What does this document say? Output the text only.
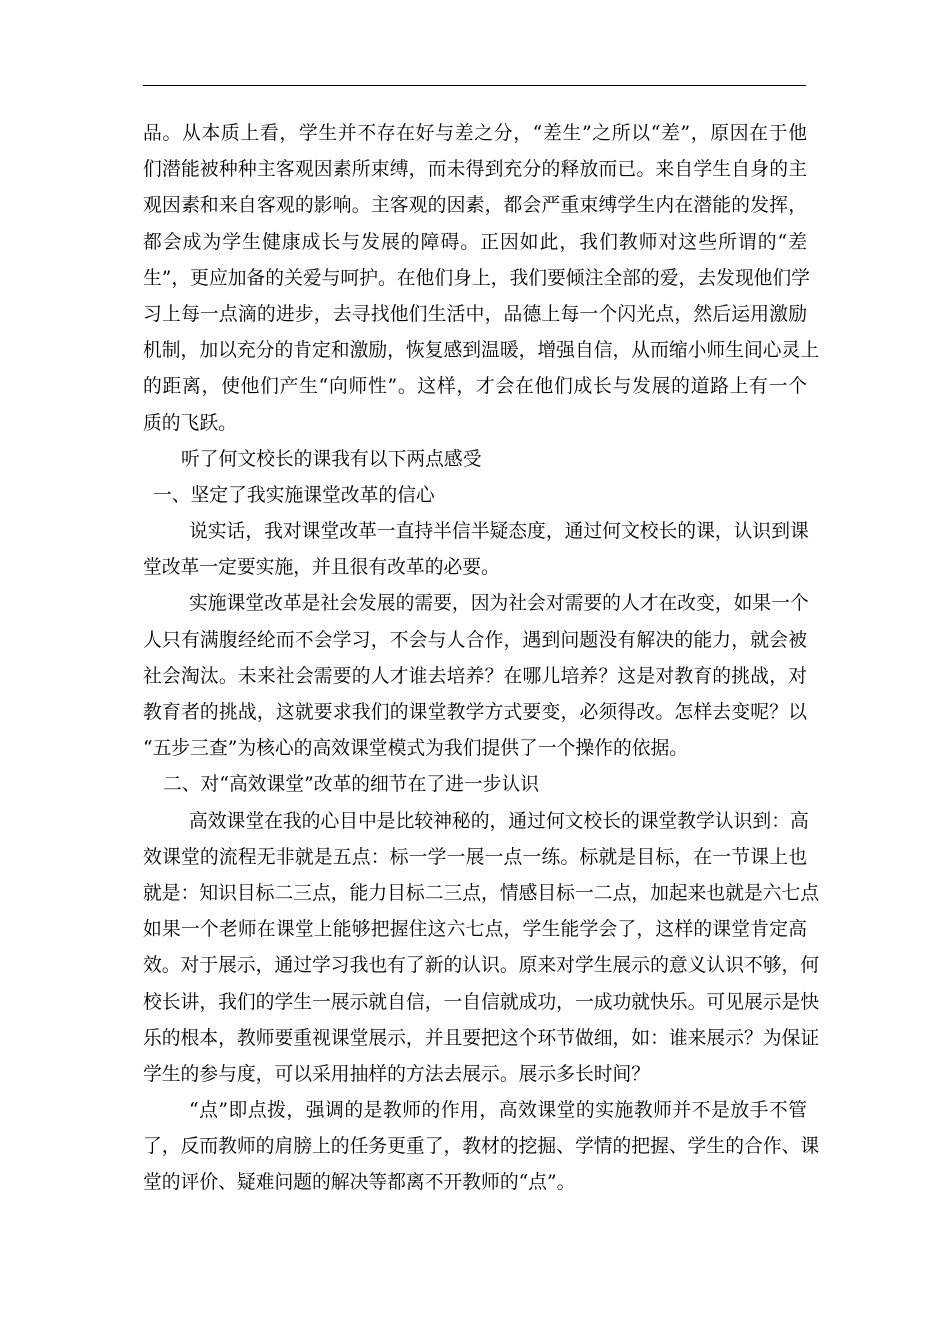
品。从本质上看，学生并不存在好与差之分，“差生”之所以“差”，原因在于他
们潜能被种种主客观因素所束缚，而未得到充分的释放而已。来自学生自身的主
观因素和来自客观的影响。主客观的因素，都会严重束缚学生内在潜能的发挥，
都会成为学生健康成长与发展的障碍。正因如此，我们教师对这些所谓的“差
生”，更应加备的关爱与呵护。在他们身上，我们要倾注全部的爱，去发现他们学
习上每一点滴的进步，去寻找他们生活中，品德上每一个闪光点，然后运用激励
机制，加以充分的肯定和激励，恢复感到温暖，增强自信，从而缩小师生间心灵上
的距离，使他们产生“向师性”。这样，才会在他们成长与发展的道路上有一个
质的飞跃。
听了何文校长的课我有以下两点感受
一、坚定了我实施课堂改革的信心
说实话，我对课堂改革一直持半信半疑态度，通过何文校长的课，认识到课
堂改革一定要实施，并且很有改革的必要。
实施课堂改革是社会发展的需要，因为社会对需要的人才在改变，如果一个
人只有满腹经纶而不会学习，不会与人合作，遇到问题没有解决的能力，就会被
社会淘汰。未来社会需要的人才谁去培养？在哪儿培养？这是对教育的挑战，对
教育者的挑战，这就要求我们的课堂教学方式要变，必须得改。怎样去变呢？以
“五步三查”为核心的高效课堂模式为我们提供了一个操作的依据。
二、对“高效课堂”改革的细节在了进一步认识
高效课堂在我的心目中是比较神秘的，通过何文校长的课堂教学认识到：高
效课堂的流程无非就是五点：标一学一展一点一练。标就是目标，在一节课上也
就是：知识目标二三点，能力目标二三点，情感目标一二点，加起来也就是六七点
如果一个老师在课堂上能够把握住这六七点，学生能学会了，这样的课堂肯定高
效。对于展示，通过学习我也有了新的认识。原来对学生展示的意义认识不够，何
校长讲，我们的学生一展示就自信，一自信就成功，一成功就快乐。可见展示是快
乐的根本，教师要重视课堂展示，并且要把这个环节做细，如：谁来展示？为保证
学生的参与度，可以采用抽样的方法去展示。展示多长时间？
“点”即点拨，强调的是教师的作用，高效课堂的实施教师并不是放手不管
了，反而教师的肩膀上的任务更重了，教材的挖掘、学情的把握、学生的合作、课
堂的评价、疑难问题的解决等都离不开教师的“点”。
